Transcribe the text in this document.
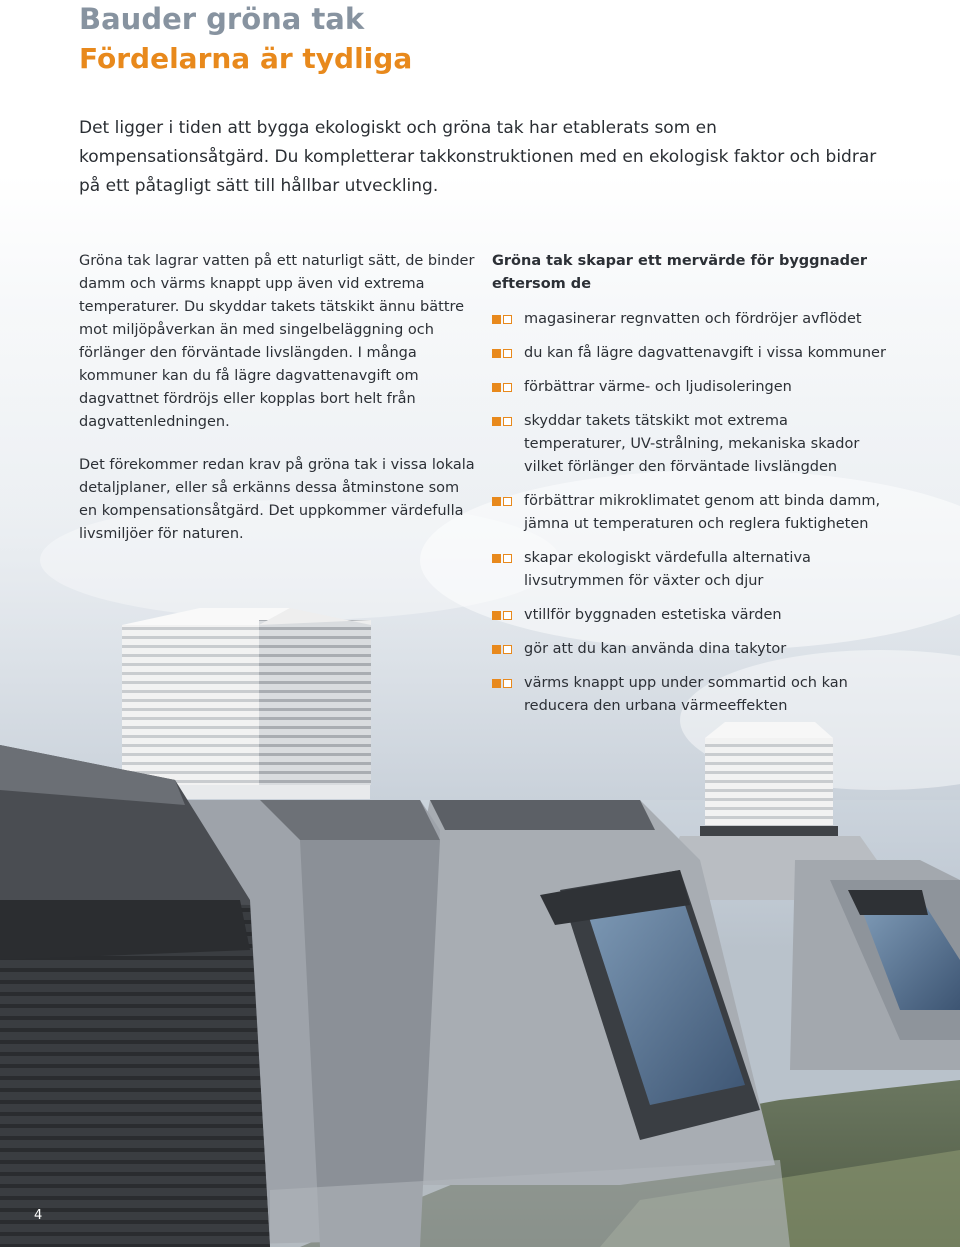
Bauder gröna tak
Fördelarna är tydliga

Det ligger i tiden att bygga ekologiskt och gröna tak har etablerats som en kompensationsåtgärd. Du kompletterar takkonstruktionen med en ekologisk faktor och bidrar på ett påtagligt sätt till hållbar utveckling.

Gröna tak lagrar vatten på ett naturligt sätt, de binder damm och värms knappt upp även vid extrema temperaturer. Du skyddar takets tätskikt ännu bättre mot miljöpåverkan än med singelbeläggning och förlänger den förväntade livslängden. I många kommuner kan du få lägre dagvattenavgift om dagvattnet fördröjs eller kopplas bort helt från dagvattenledningen.

Det förekommer redan krav på gröna tak i vissa lokala detaljplaner, eller så erkänns dessa åtminstone som en kompensationsåtgärd. Det uppkommer värdefulla livsmiljöer för naturen.

Gröna tak skapar ett mervärde för byggnader eftersom de
magasinerar regnvatten och fördröjer avflödet
du kan få lägre dagvattenavgift i vissa kommuner
förbättrar värme- och ljudisoleringen
skyddar takets tätskikt mot extrema temperaturer, UV-strålning, mekaniska skador vilket förlänger den förväntade livslängden
förbättrar mikroklimatet genom att binda damm, jämna ut temperaturen och reglera fuktigheten
skapar ekologiskt värdefulla alternativa livsutrymmen för växter och djur
vtillför byggnaden estetiska värden
gör att du kan använda dina takytor
värms knappt upp under sommartid och kan reducera den urbana värmeeffekten
4
